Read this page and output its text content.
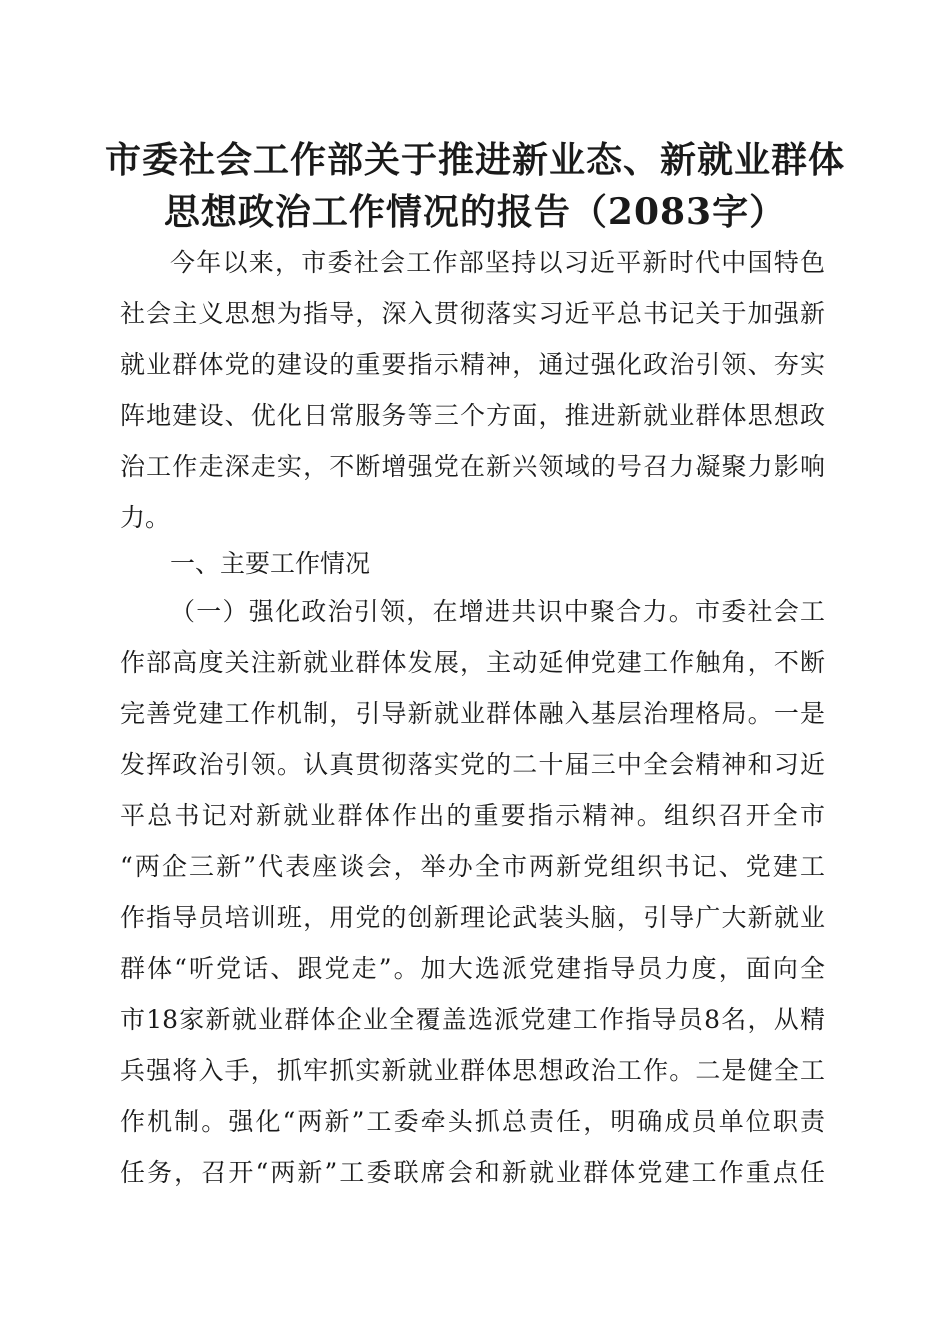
市委社会工作部关于推进新业态、新就业群体
思想政治工作情况的报告（2083字）
今年以来，市委社会工作部坚持以习近平新时代中国特色
社会主义思想为指导，深入贯彻落实习近平总书记关于加强新
就业群体党的建设的重要指示精神，通过强化政治引领、夯实
阵地建设、优化日常服务等三个方面，推进新就业群体思想政
治工作走深走实，不断增强党在新兴领域的号召力凝聚力影响
力。
一、主要工作情况
（一）强化政治引领，在增进共识中聚合力。市委社会工
作部高度关注新就业群体发展，主动延伸党建工作触角，不断
完善党建工作机制，引导新就业群体融入基层治理格局。一是
发挥政治引领。认真贯彻落实党的二十届三中全会精神和习近
平总书记对新就业群体作出的重要指示精神。组织召开全市
“两企三新”代表座谈会，举办全市两新党组织书记、党建工
作指导员培训班，用党的创新理论武装头脑，引导广大新就业
群体“听党话、跟党走”。加大选派党建指导员力度，面向全
市18家新就业群体企业全覆盖选派党建工作指导员8名，从精
兵强将入手，抓牢抓实新就业群体思想政治工作。二是健全工
作机制。强化“两新”工委牵头抓总责任，明确成员单位职责
任务，召开“两新”工委联席会和新就业群体党建工作重点任
